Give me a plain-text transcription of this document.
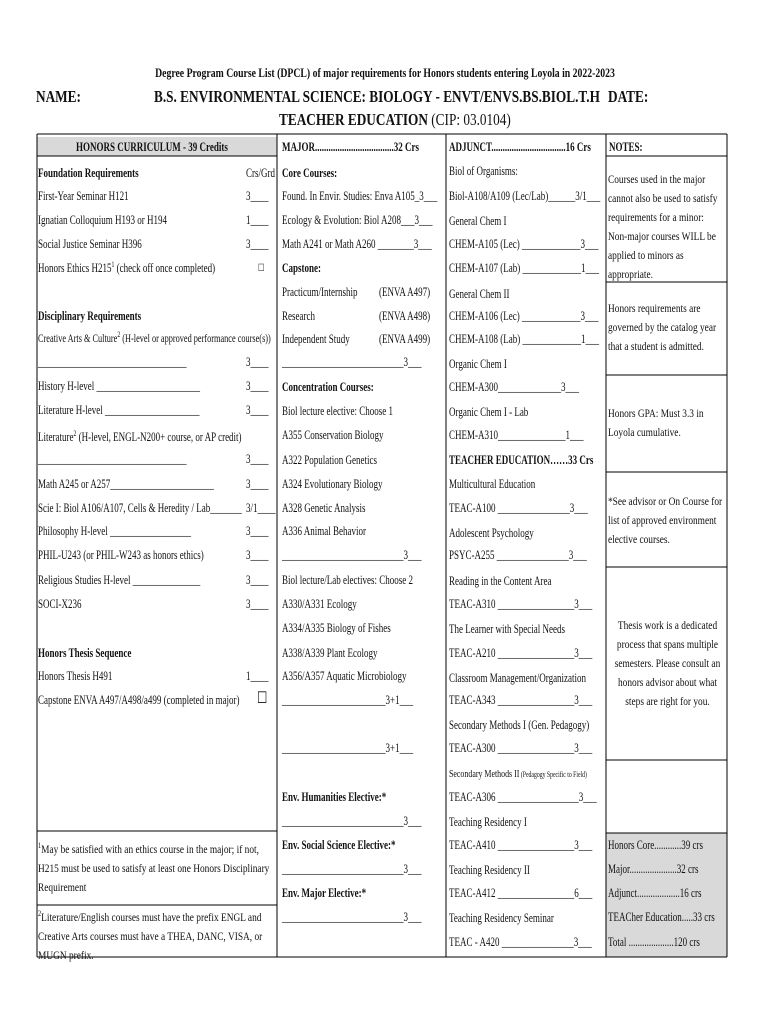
Degree Program Course List (DPCL) of major requirements for Honors students entering Loyola in 2022-2023
NAME:	B.S. ENVIRONMENTAL SCIENCE: BIOLOGY - ENVT/ENVS.BS.BIOL.T.H DATE:
TEACHER EDUCATION (CIP: 03.0104)
HONORS CURRICULUM - 39 Credits
Foundation Requirements	Crs/Grd
First-Year Seminar H121	3____
Ignatian Colloquium H193 or H194	1____
Social Justice Seminar H396	3____
Honors Ethics $H215^1$ (check off once completed)	☐
Disciplinary Requirements
Creative Arts & Culture$^2$ (H-level or approved performance course(s))
_________________________________	3____
History H-level _______________________	3____
Literature H-level _____________________	3____
Literature$^2$ (H-level, ENGL-N200+ course, or AP credit)
_________________________________	3____
Math A245 or A257_______________________	3____
Scie I: Biol A106/A107, Cells & Heredity / Lab_______ 3/1____
Philosophy H-level __________________	3____
PHIL-U243 (or PHIL-W243 as honors ethics)	3____
Religious Studies H-level _______________	3____
SOCI-X236	3____
Honors Thesis Sequence
Honors Thesis H491	1____
Capstone ENVA A497/A498/a499 (completed in major) ☐
$^1$May be satisfied with an ethics course in the major; if not, H215 must be used to satisfy at least one Honors Disciplinary Requirement
$^2$Literature/English courses must have the prefix ENGL and Creative Arts courses must have a THEA, DANC, VISA, or MUGN prefix.
MAJOR...................................32 Crs
Core Courses:
Found. In Envir. Studies: Enva A105_3___
Ecology & Evolution: Biol A208___3___
Math A241 or Math A260 ________3___
Capstone:
Practicum/Internship (ENVA A497)
Research	(ENVA A498)
Independent Study (ENVA A499)
___________________________3___
Concentration Courses:
Biol lecture elective: Choose 1
A355 Conservation Biology
A322 Population Genetics
A324 Evolutionary Biology
A328 Genetic Analysis
A336 Animal Behavior
___________________________3___
Biol lecture/Lab electives: Choose 2
A330/A331 Ecology
A334/A335 Biology of Fishes
A338/A339 Plant Ecology
A356/A357 Aquatic Microbiology
_______________________3+1___
_______________________3+1___
Env. Humanities Elective:*
___________________________3___
Env. Social Science Elective:*
___________________________3___
Env. Major Elective:*
___________________________3___
ADJUNCT.................................16 Crs
Biol of Organisms:
Biol-A108/A109 (Lec/Lab)______3/1___
General Chem I
CHEM-A105 (Lec) _____________3___
CHEM-A107 (Lab) _____________1___
General Chem II
CHEM-A106 (Lec) _____________3___
CHEM-A108 (Lab) _____________1___
Organic Chem I
CHEM-A300______________3___
Organic Chem I - Lab
CHEM-A310_______________1___
TEACHER EDUCATION……33 Crs
Multicultural Education
TEAC-A100 ________________3___
Adolescent Psychology
PSYC-A255 ________________3___
Reading in the Content Area
TEAC-A310 _________________3___
The Learner with Special Needs
TEAC-A210 _________________3___
Classroom Management/Organization
TEAC-A343 _________________3___
Secondary Methods I (Gen. Pedagogy)
TEAC-A300 _________________3___
Secondary Methods II (Pedagogy Specific to Field)
TEAC-A306 __________________3___
Teaching Residency I
TEAC-A410 _________________3___
Teaching Residency II
TEAC-A412 _________________6___
Teaching Residency Seminar
TEAC - A420 ________________3___
NOTES:
Courses used in the major cannot also be used to satisfy requirements for a minor: Non-major courses WILL be applied to minors as appropriate.
Honors requirements are governed by the catalog year that a student is admitted.
Honors GPA: Must 3.3 in Loyola cumulative.
*See advisor or On Course for list of approved environment elective courses.
Thesis work is a dedicated process that spans multiple semesters. Please consult an honors advisor about what steps are right for you.
Honors Core............39 crs
Major.....................32 crs
Adjunct...................16 crs
TEACher Education.....33 crs
Total ....................120 crs
